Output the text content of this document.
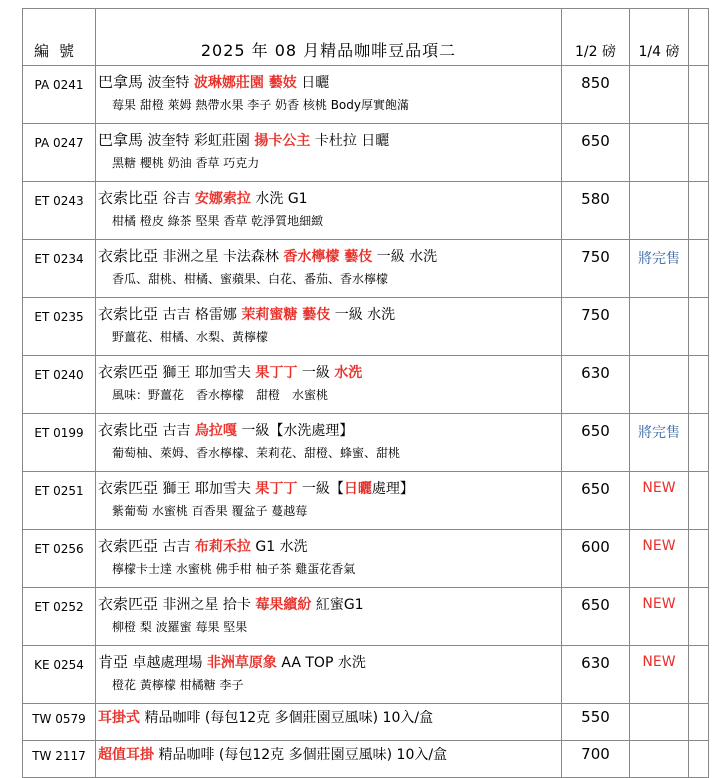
編號	2025 年 08 月精品咖啡豆品項二	1/2 磅	1/4 磅	
PA 0241	巴拿馬 波奎特 波琳娜莊園 藝妓 日曬
莓果 甜橙 萊姆 熱帶水果 李子 奶香 核桃 Body厚實飽滿	850		
PA 0247	巴拿馬 波奎特 彩虹莊園 揚卡公主 卡杜拉 日曬
黑糖 櫻桃 奶油 香草 巧克力	650		
ET 0243	衣索比亞 谷吉 安娜索拉 水洗 G1
柑橘 橙皮 綠茶 堅果 香草 乾淨質地細緻	580		
ET 0234	衣索比亞 非洲之星 卡法森林 香水檸檬 藝伎 一級 水洗
香瓜、甜桃、柑橘、蜜蘋果、白花、番茄、香水檸檬	750	將完售	
ET 0235	衣索比亞 古吉 格雷娜 茉莉蜜糖 藝伎 一級 水洗
野薑花、柑橘、水梨、黃檸檬	750		
ET 0240	衣索匹亞 獅王 耶加雪夫 果丁丁 一級 水洗
風味：野薑花　香水檸檬　甜橙　水蜜桃	630		
ET 0199	衣索比亞 古吉 烏拉嘎 一級【水洗處理】
葡萄柚、萊姆、香水檸檬、茉莉花、甜橙、蜂蜜、甜桃	650	將完售	
ET 0251	衣索匹亞 獅王 耶加雪夫 果丁丁 一級【日曬處理】
紫葡萄 水蜜桃 百香果 覆盆子 蔓越莓	650	NEW	
ET 0256	衣索匹亞 古吉 布莉禾拉 G1 水洗
檸檬卡士達 水蜜桃 佛手柑 柚子茶 雞蛋花香氣	600	NEW	
ET 0252	衣索匹亞 非洲之星 拾卡 莓果繽紛 紅蜜G1
柳橙 梨 波羅蜜 莓果 堅果	650	NEW	
KE 0254	肯亞 卓越處理場 非洲草原象 AA TOP 水洗
橙花 黃檸檬 柑橘糖 李子	630	NEW	
TW 0579	耳掛式 精品咖啡 (每包12克 多個莊園豆風味) 10入/盒	550		
TW 2117	超值耳掛 精品咖啡 (每包12克 多個莊園豆風味) 10入/盒	700		
